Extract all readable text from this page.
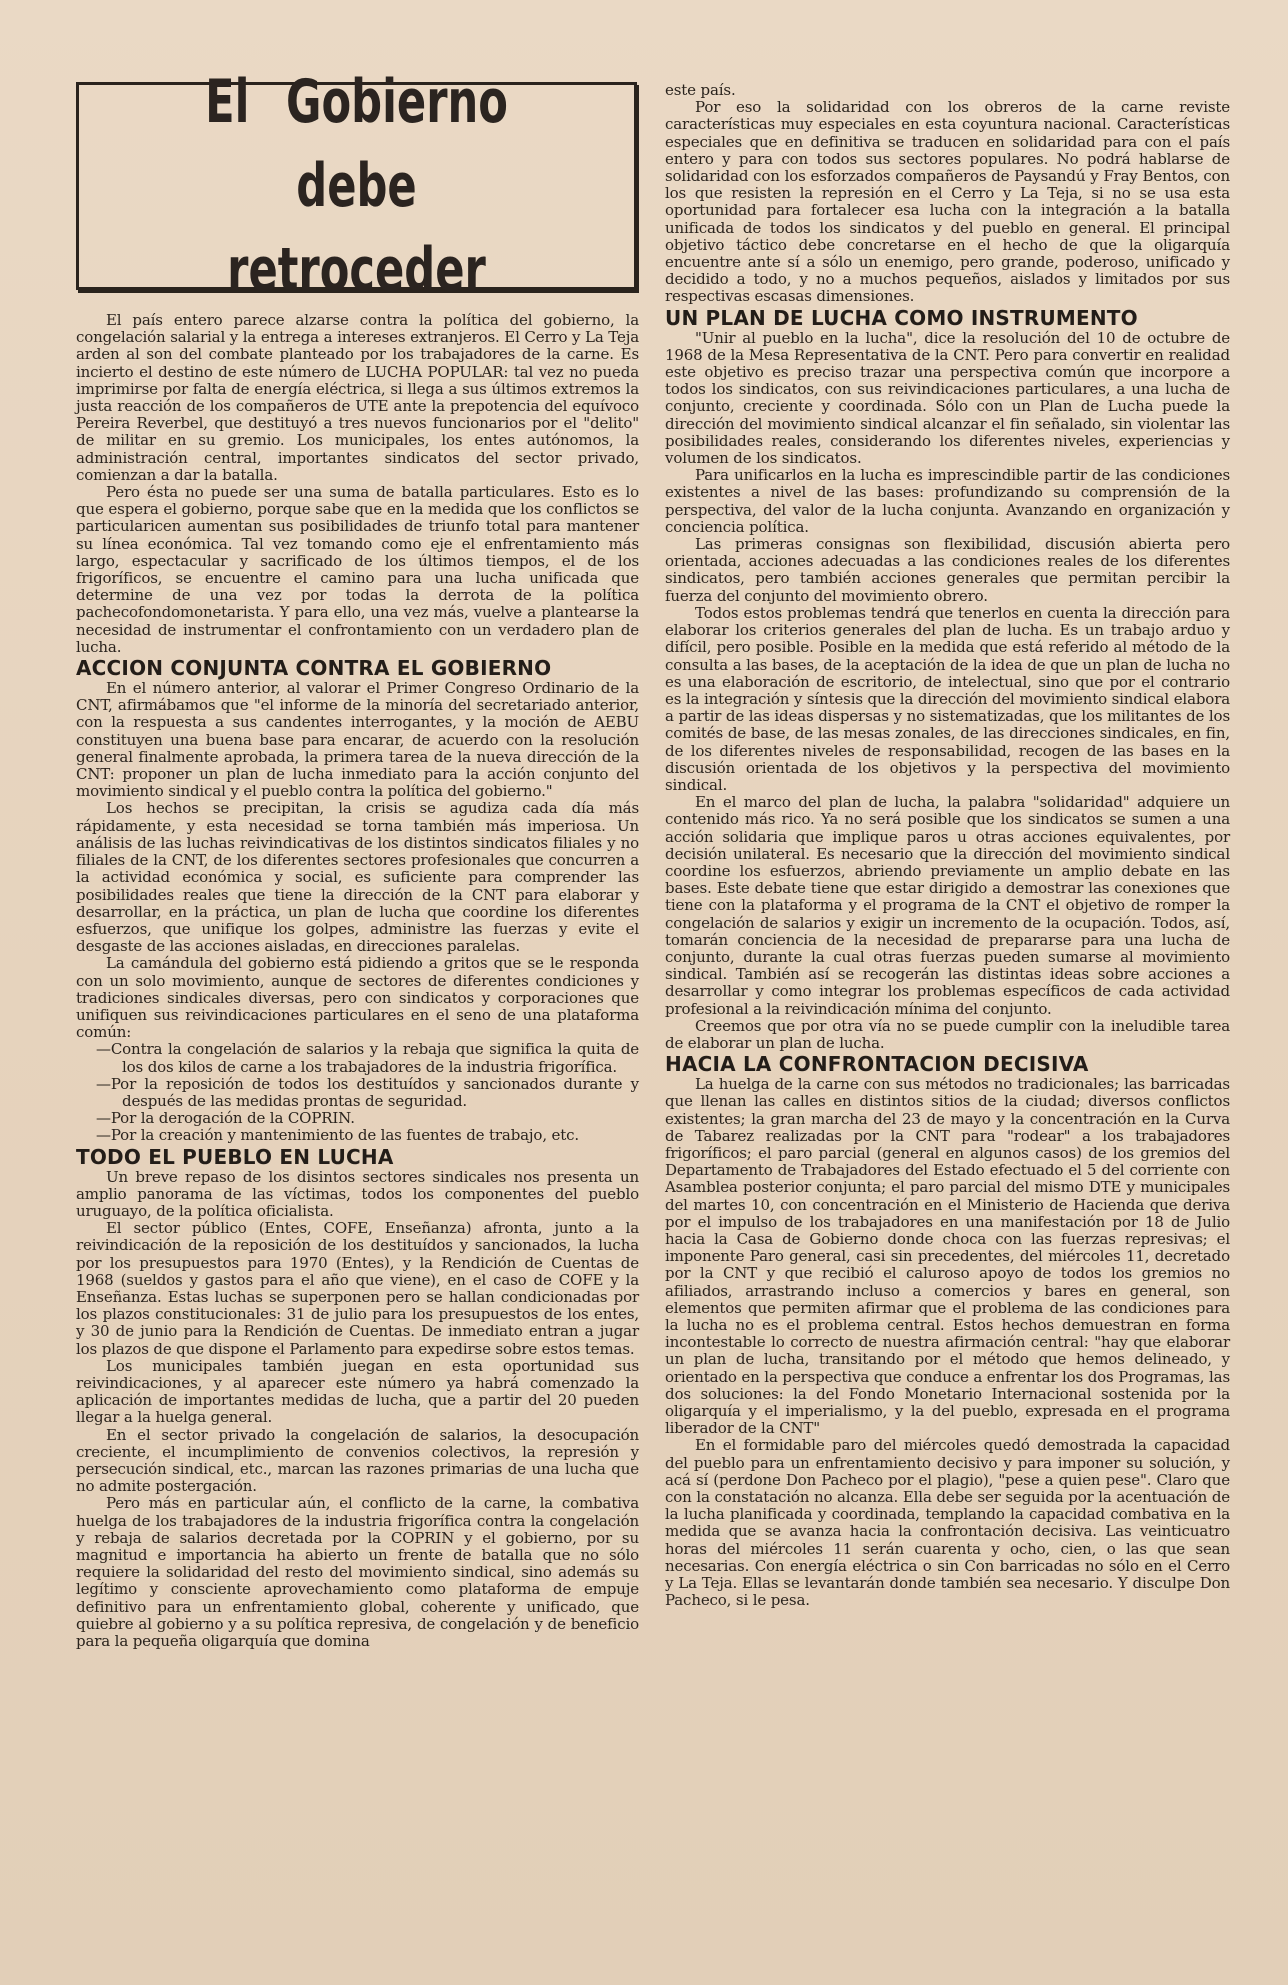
El Gobierno debe retroceder

El país entero parece alzarse contra la política del gobierno, la congelación salarial y la entrega a intereses extranjeros. El Cerro y La Teja arden al son del combate planteado por los trabajadores de la carne. Es incierto el destino de este número de LUCHA POPULAR: tal vez no pueda imprimirse por falta de energía eléctrica, si llega a sus últimos extremos la justa reacción de los compañeros de UTE ante la prepotencia del equívoco Pereira Reverbel, que destituyó a tres nuevos funcionarios por el "delito" de militar en su gremio. Los municipales, los entes autónomos, la administración central, importantes sindicatos del sector privado, comienzan a dar la batalla.

Pero ésta no puede ser una suma de batalla particulares. Esto es lo que espera el gobierno, porque sabe que en la medida que los conflictos se particularicen aumentan sus posibilidades de triunfo total para mantener su línea económica. Tal vez tomando como eje el enfrentamiento más largo, espectacular y sacrificado de los últimos tiempos, el de los frigoríficos, se encuentre el camino para una lucha unificada que determine de una vez por todas la derrota de la política pachecofondomonetarista. Y para ello, una vez más, vuelve a plantearse la necesidad de instrumentar el confrontamiento con un verdadero plan de lucha.

ACCION CONJUNTA CONTRA EL GOBIERNO

En el número anterior, al valorar el Primer Congreso Ordinario de la CNT, afirmábamos que "el informe de la minoría del secretariado anterior, con la respuesta a sus candentes interrogantes, y la moción de AEBU constituyen una buena base para encarar, de acuerdo con la resolución general finalmente aprobada, la primera tarea de la nueva dirección de la CNT: proponer un plan de lucha inmediato para la acción conjunto del movimiento sindical y el pueblo contra la política del gobierno."

Los hechos se precipitan, la crisis se agudiza cada día más rápidamente, y esta necesidad se torna también más imperiosa. Un análisis de las luchas reivindicativas de los distintos sindicatos filiales y no filiales de la CNT, de los diferentes sectores profesionales que concurren a la actividad económica y social, es suficiente para comprender las posibilidades reales que tiene la dirección de la CNT para elaborar y desarrollar, en la práctica, un plan de lucha que coordine los diferentes esfuerzos, que unifique los golpes, administre las fuerzas y evite el desgaste de las acciones aisladas, en direcciones paralelas.

La camándula del gobierno está pidiendo a gritos que se le responda con un solo movimiento, aunque de sectores de diferentes condiciones y tradiciones sindicales diversas, pero con sindicatos y corporaciones que unifiquen sus reivindicaciones particulares en el seno de una plataforma común:

—Contra la congelación de salarios y la rebaja que significa la quita de los dos kilos de carne a los trabajadores de la industria frigorífica.
—Por la reposición de todos los destituídos y sancionados durante y después de las medidas prontas de seguridad.
—Por la derogación de la COPRIN.
—Por la creación y mantenimiento de las fuentes de trabajo, etc.
TODO EL PUEBLO EN LUCHA

Un breve repaso de los disintos sectores sindicales nos presenta un amplio panorama de las víctimas, todos los componentes del pueblo uruguayo, de la política oficialista.

El sector público (Entes, COFE, Enseñanza) afronta, junto a la reivindicación de la reposición de los destituídos y sancionados, la lucha por los presupuestos para 1970 (Entes), y la Rendición de Cuentas de 1968 (sueldos y gastos para el año que viene), en el caso de COFE y la Enseñanza. Estas luchas se superponen pero se hallan condicionadas por los plazos constitucionales: 31 de julio para los presupuestos de los entes, y 30 de junio para la Rendición de Cuentas. De inmediato entran a jugar los plazos de que dispone el Parlamento para expedirse sobre estos temas.

Los municipales también juegan en esta oportunidad sus reivindicaciones, y al aparecer este número ya habrá comenzado la aplicación de importantes medidas de lucha, que a partir del 20 pueden llegar a la huelga general.

En el sector privado la congelación de salarios, la desocupación creciente, el incumplimiento de convenios colectivos, la represión y persecución sindical, etc., marcan las razones primarias de una lucha que no admite postergación.

Pero más en particular aún, el conflicto de la carne, la combativa huelga de los trabajadores de la industria frigorífica contra la congelación y rebaja de salarios decretada por la COPRIN y el gobierno, por su magnitud e importancia ha abierto un frente de batalla que no sólo requiere la solidaridad del resto del movimiento sindical, sino además su legítimo y consciente aprovechamiento como plataforma de empuje definitivo para un enfrentamiento global, coherente y unificado, que quiebre al gobierno y a su política represiva, de congelación y de beneficio para la pequeña oligarquía que domina

este país.

Por eso la solidaridad con los obreros de la carne reviste características muy especiales en esta coyuntura nacional. Características especiales que en definitiva se traducen en solidaridad para con el país entero y para con todos sus sectores populares. No podrá hablarse de solidaridad con los esforzados compañeros de Paysandú y Fray Bentos, con los que resisten la represión en el Cerro y La Teja, si no se usa esta oportunidad para fortalecer esa lucha con la integración a la batalla unificada de todos los sindicatos y del pueblo en general. El principal objetivo táctico debe concretarse en el hecho de que la oligarquía encuentre ante sí a sólo un enemigo, pero grande, poderoso, unificado y decidido a todo, y no a muchos pequeños, aislados y limitados por sus respectivas escasas dimensiones.

UN PLAN DE LUCHA COMO INSTRUMENTO

"Unir al pueblo en la lucha", dice la resolución del 10 de octubre de 1968 de la Mesa Representativa de la CNT. Pero para convertir en realidad este objetivo es preciso trazar una perspectiva común que incorpore a todos los sindicatos, con sus reivindicaciones particulares, a una lucha de conjunto, creciente y coordinada. Sólo con un Plan de Lucha puede la dirección del movimiento sindical alcanzar el fin señalado, sin violentar las posibilidades reales, considerando los diferentes niveles, experiencias y volumen de los sindicatos.

Para unificarlos en la lucha es imprescindible partir de las condiciones existentes a nivel de las bases: profundizando su comprensión de la perspectiva, del valor de la lucha conjunta. Avanzando en organización y conciencia política.

Las primeras consignas son flexibilidad, discusión abierta pero orientada, acciones adecuadas a las condiciones reales de los diferentes sindicatos, pero también acciones generales que permitan percibir la fuerza del conjunto del movimiento obrero.

Todos estos problemas tendrá que tenerlos en cuenta la dirección para elaborar los criterios generales del plan de lucha. Es un trabajo arduo y difícil, pero posible. Posible en la medida que está referido al método de la consulta a las bases, de la aceptación de la idea de que un plan de lucha no es una elaboración de escritorio, de intelectual, sino que por el contrario es la integración y síntesis que la dirección del movimiento sindical elabora a partir de las ideas dispersas y no sistematizadas, que los militantes de los comités de base, de las mesas zonales, de las direcciones sindicales, en fin, de los diferentes niveles de responsabilidad, recogen de las bases en la discusión orientada de los objetivos y la perspectiva del movimiento sindical.

En el marco del plan de lucha, la palabra "solidaridad" adquiere un contenido más rico. Ya no será posible que los sindicatos se sumen a una acción solidaria que implique paros u otras acciones equivalentes, por decisión unilateral. Es necesario que la dirección del movimiento sindical coordine los esfuerzos, abriendo previamente un amplio debate en las bases. Este debate tiene que estar dirigido a demostrar las conexiones que tiene con la plataforma y el programa de la CNT el objetivo de romper la congelación de salarios y exigir un incremento de la ocupación. Todos, así, tomarán conciencia de la necesidad de prepararse para una lucha de conjunto, durante la cual otras fuerzas pueden sumarse al movimiento sindical. También así se recogerán las distintas ideas sobre acciones a desarrollar y como integrar los problemas específicos de cada actividad profesional a la reivindicación mínima del conjunto.

Creemos que por otra vía no se puede cumplir con la ineludible tarea de elaborar un plan de lucha.

HACIA LA CONFRONTACION DECISIVA

La huelga de la carne con sus métodos no tradicionales; las barricadas que llenan las calles en distintos sitios de la ciudad; diversos conflictos existentes; la gran marcha del 23 de mayo y la concentración en la Curva de Tabarez realizadas por la CNT para "rodear" a los trabajadores frigoríficos; el paro parcial (general en algunos casos) de los gremios del Departamento de Trabajadores del Estado efectuado el 5 del corriente con Asamblea posterior conjunta; el paro parcial del mismo DTE y municipales del martes 10, con concentración en el Ministerio de Hacienda que deriva por el impulso de los trabajadores en una manifestación por 18 de Julio hacia la Casa de Gobierno donde choca con las fuerzas represivas; el imponente Paro general, casi sin precedentes, del miércoles 11, decretado por la CNT y que recibió el caluroso apoyo de todos los gremios no afiliados, arrastrando incluso a comercios y bares en general, son elementos que permiten afirmar que el problema de las condiciones para la lucha no es el problema central. Estos hechos demuestran en forma incontestable lo correcto de nuestra afirmación central: "hay que elaborar un plan de lucha, transitando por el método que hemos delineado, y orientado en la perspectiva que conduce a enfrentar los dos Programas, las dos soluciones: la del Fondo Monetario Internacional sostenida por la oligarquía y el imperialismo, y la del pueblo, expresada en el programa liberador de la CNT"

En el formidable paro del miércoles quedó demostrada la capacidad del pueblo para un enfrentamiento decisivo y para imponer su solución, y acá sí (perdone Don Pacheco por el plagio), "pese a quien pese". Claro que con la constatación no alcanza. Ella debe ser seguida por la acentuación de la lucha planificada y coordinada, templando la capacidad combativa en la medida que se avanza hacia la confrontación decisiva. Las veinticuatro horas del miércoles 11 serán cuarenta y ocho, cien, o las que sean necesarias. Con energía eléctrica o sin Con barricadas no sólo en el Cerro y La Teja. Ellas se levantarán donde también sea necesario. Y disculpe Don Pacheco, si le pesa.
